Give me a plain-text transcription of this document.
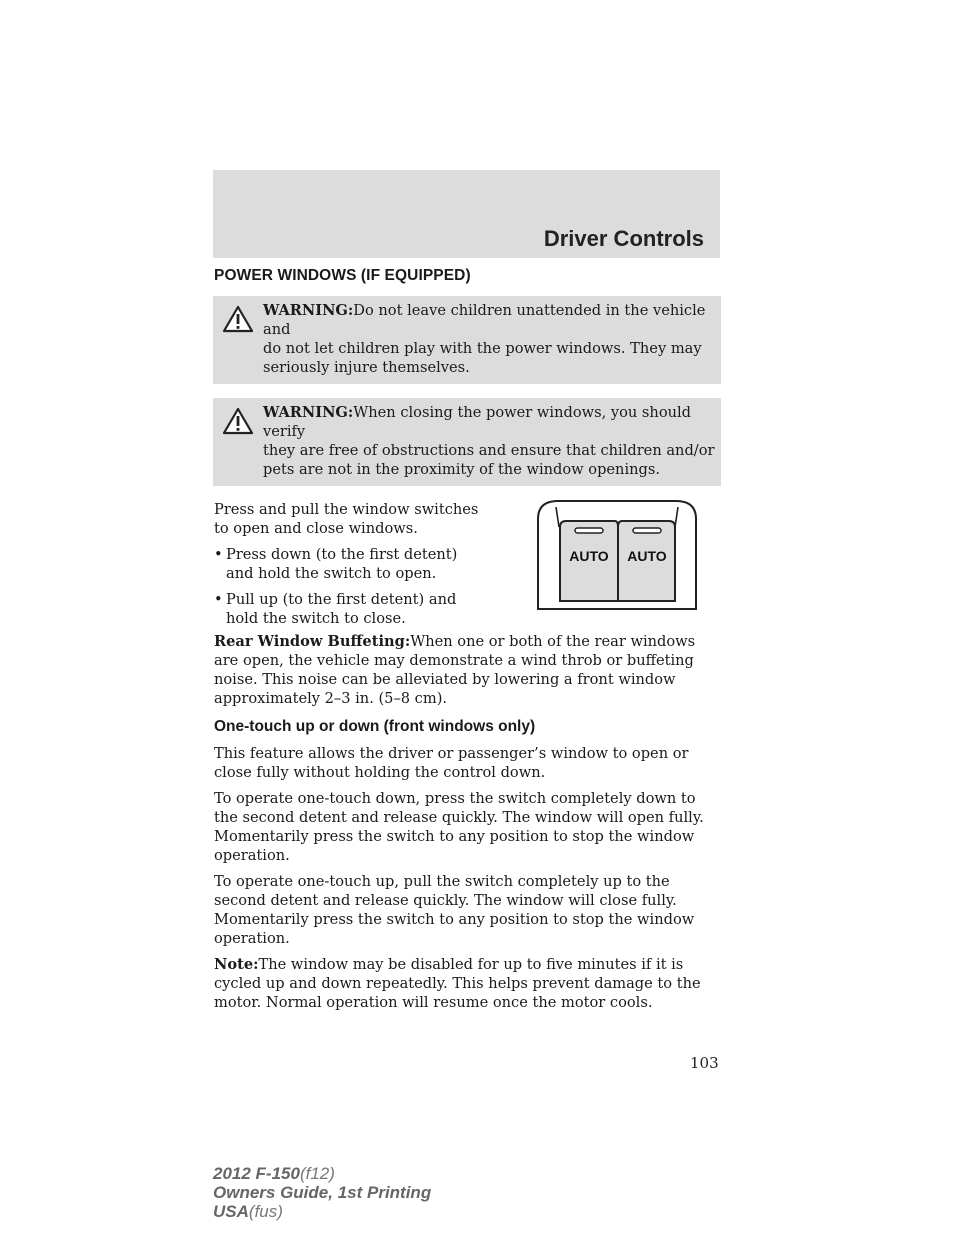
Driver Controls
POWER WINDOWS (IF EQUIPPED)
WARNING:Do not leave children unattended in the vehicle and
do not let children play with the power windows. They may seriously injure themselves.
WARNING:When closing the power windows, you should verify
they are free of obstructions and ensure that children and/or pets are not in the proximity of the window openings.

Press and pull the window switches to open and close windows.

• Press down (to the first detent) and hold the switch to open.
• Pull up (to the first detent) and hold the switch to close.
AUTO AUTO

Rear Window Buffeting:When one or both of the rear windows are open, the vehicle may demonstrate a wind throb or buffeting noise. This noise can be alleviated by lowering a front window approximately 2–3 in. (5–8 cm).

One-touch up or down (front windows only)

This feature allows the driver or passenger’s window to open or close fully without holding the control down.

To operate one-touch down, press the switch completely down to the second detent and release quickly. The window will open fully. Momentarily press the switch to any position to stop the window operation.

To operate one-touch up, pull the switch completely up to the second detent and release quickly. The window will close fully. Momentarily press the switch to any position to stop the window operation.

Note:The window may be disabled for up to five minutes if it is cycled up and down repeatedly. This helps prevent damage to the motor. Normal operation will resume once the motor cools.

103
2012 F-150(f12)
Owners Guide, 1st Printing
USA(fus)
